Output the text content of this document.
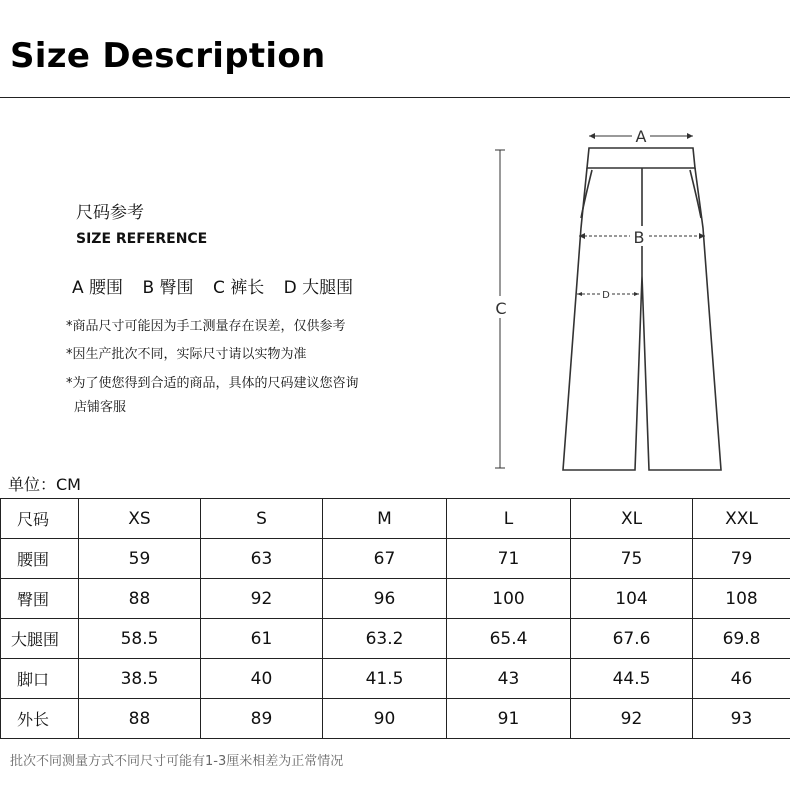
Size Description
尺码参考
SIZE REFERENCE
A 腰围 B 臀围 C 裤长 D 大腿围
*商品尺寸可能因为手工测量存在误差，仅供参考
*因生产批次不同，实际尺寸请以实物为准
*为了使您得到合适的商品，具体的尺码建议您咨询
店铺客服
A
C
B
D
单位：CM
尺码	XS	S	M	L	XL	XXL
腰围	59	63	67	71	75	79
臀围	88	92	96	100	104	108
大腿围	58.5	61	63.2	65.4	67.6	69.8
脚口	38.5	40	41.5	43	44.5	46
外长	88	89	90	91	92	93
批次不同测量方式不同尺寸可能有1-3厘米相差为正常情况
